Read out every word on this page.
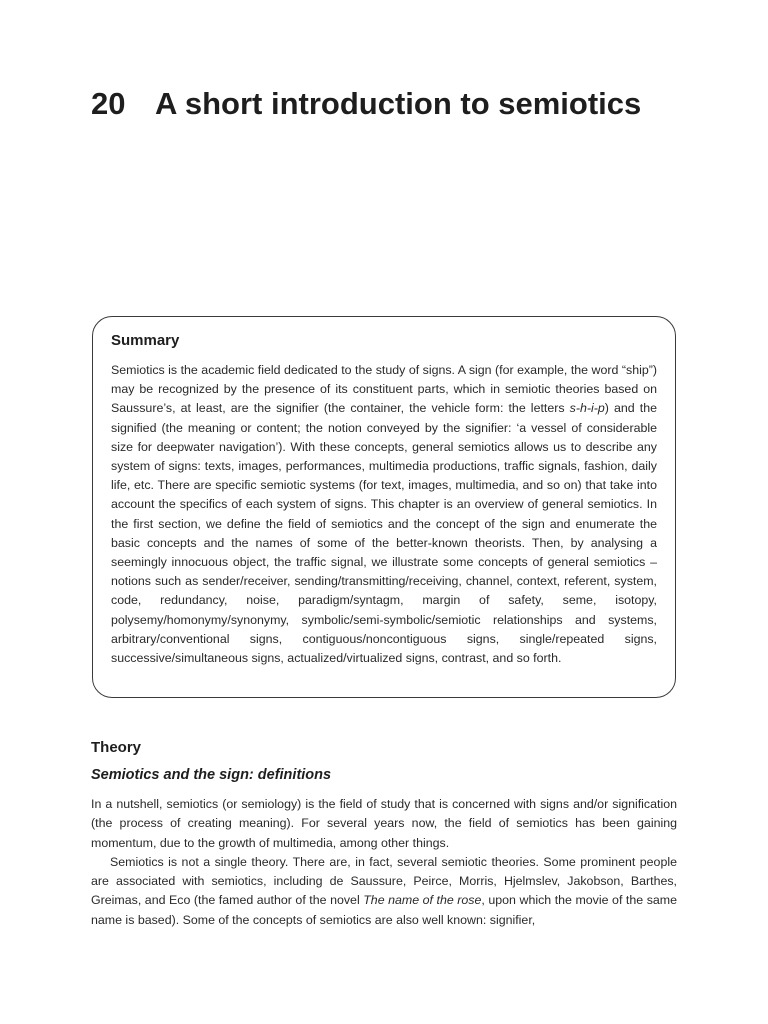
20 A short introduction to semiotics
Summary

Semiotics is the academic field dedicated to the study of signs. A sign (for example, the word “ship”) may be recognized by the presence of its constituent parts, which in semiotic theories based on Saussure’s, at least, are the signifier (the container, the vehicle form: the letters s-h-i-p) and the signified (the meaning or content; the notion conveyed by the signifier: ‘a vessel of considerable size for deepwater navigation’). With these concepts, general semiotics allows us to describe any system of signs: texts, images, performances, multimedia productions, traffic signals, fashion, daily life, etc. There are specific semiotic systems (for text, images, multimedia, and so on) that take into account the specifics of each system of signs. This chapter is an overview of general semiotics. In the first section, we define the field of semiotics and the concept of the sign and enumerate the basic concepts and the names of some of the better-known theorists. Then, by analysing a seemingly innocuous object, the traffic signal, we illustrate some concepts of general semiotics – notions such as sender/receiver, sending/transmitting/receiving, channel, context, referent, system, code, redundancy, noise, paradigm/syntagm, margin of safety, seme, isotopy, polysemy/homonymy/synonymy, symbolic/semi-symbolic/semiotic relationships and systems, arbitrary/conventional signs, contiguous/noncontiguous signs, single/repeated signs, successive/simultaneous signs, actualized/virtualized signs, contrast, and so forth.

Theory
Semiotics and the sign: definitions

In a nutshell, semiotics (or semiology) is the field of study that is concerned with signs and/or signification (the process of creating meaning). For several years now, the field of semiotics has been gaining momentum, due to the growth of multimedia, among other things.

Semiotics is not a single theory. There are, in fact, several semiotic theories. Some prominent people are associated with semiotics, including de Saussure, Peirce, Morris, Hjelmslev, Jakobson, Barthes, Greimas, and Eco (the famed author of the novel The name of the rose, upon which the movie of the same name is based). Some of the concepts of semiotics are also well known: signifier,
